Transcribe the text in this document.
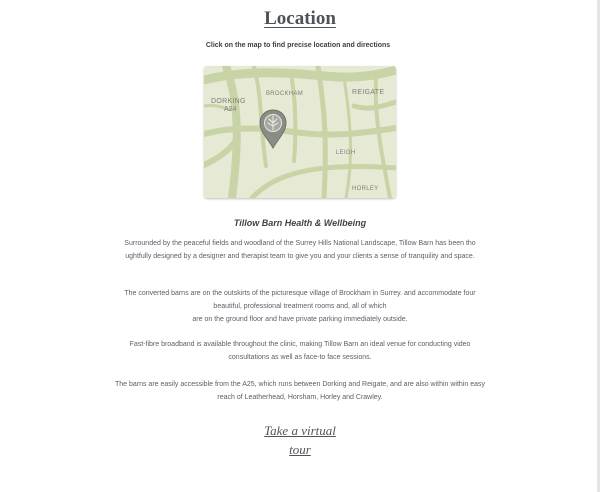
Location
Click on the map to find precise location and directions
DORKING
A24
BROCKHAM	REIGATE
LEIGH
HORLEY
Tillow Barn Health & Wellbeing
Surrounded by the peaceful fields and woodland of the Surrey Hills National Landscape, Tillow Barn has been tho
ughtfully designed by a designer and therapist team to give you and your clients a sense of tranquility and space.
The converted barns are on the outskirts of the picturesque village of Brockham in Surrey. and accommodate four
beautiful, professional treatment rooms and, all of which
are on the ground floor and have private parking immediately outside.
Fast-fibre broadband is available throughout the clinic, making Tillow Barn an ideal venue for conducting video
consultations as well as face-to face sessions.
The barns are easily accessible from the A25, which runs between Dorking and Reigate, and are also within within easy
reach of Leatherhead, Horsham, Horley and Crawley.
Take a virtual
tour
